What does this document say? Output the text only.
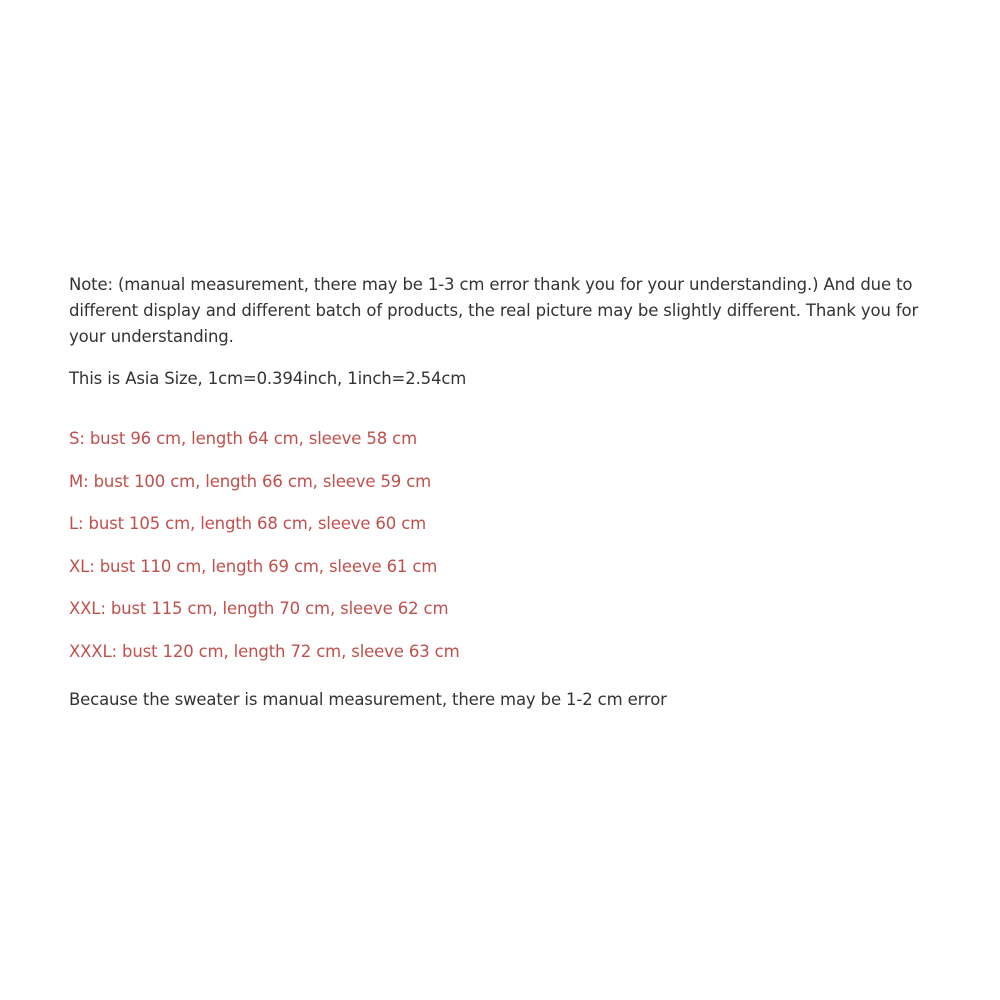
Note: (manual measurement, there may be 1-3 cm error thank you for your understanding.) And due to different display and different batch of products, the real picture may be slightly different. Thank you for your understanding.

This is Asia Size, 1cm=0.394inch, 1inch=2.54cm

S: bust 96 cm, length 64 cm, sleeve 58 cm
M: bust 100 cm, length 66 cm, sleeve 59 cm
L: bust 105 cm, length 68 cm, sleeve 60 cm
XL: bust 110 cm, length 69 cm, sleeve 61 cm
XXL: bust 115 cm, length 70 cm, sleeve 62 cm
XXXL: bust 120 cm, length 72 cm, sleeve 63 cm

Because the sweater is manual measurement, there may be 1-2 cm error
